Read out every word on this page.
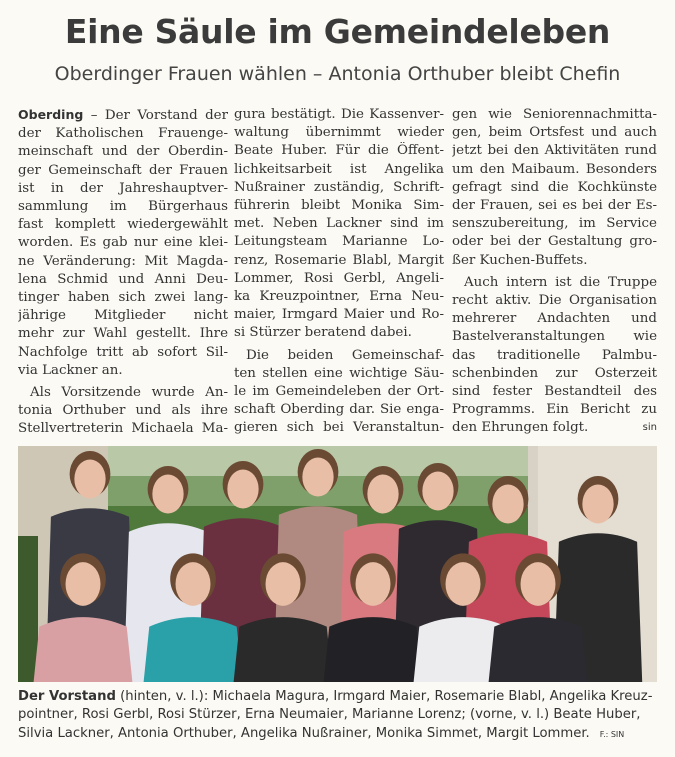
Eine Säule im Gemeindeleben
Oberdinger Frauen wählen – Antonia Orthuber bleibt Chefin
Oberding – Der Vorstand der
der Katholischen Frauenge-
meinschaft und der Oberdin-
ger Gemeinschaft der Frauen
ist in der Jahreshauptver-
sammlung im Bürgerhaus
fast komplett wiedergewählt
worden. Es gab nur eine klei-
ne Veränderung: Mit Magda-
lena Schmid und Anni Deu-
tinger haben sich zwei lang-
jährige Mitglieder nicht
mehr zur Wahl gestellt. Ihre
Nachfolge tritt ab sofort Sil-
via Lackner an.
Als Vorsitzende wurde An-
tonia Orthuber und als ihre
Stellvertreterin Michaela Ma-
gura bestätigt. Die Kassenver-
waltung übernimmt wieder
Beate Huber. Für die Öffent-
lichkeitsarbeit ist Angelika
Nußrainer zuständig, Schrift-
führerin bleibt Monika Sim-
met. Neben Lackner sind im
Leitungsteam Marianne Lo-
renz, Rosemarie Blabl, Margit
Lommer, Rosi Gerbl, Angeli-
ka Kreuzpointner, Erna Neu-
maier, Irmgard Maier und Ro-
si Stürzer beratend dabei.
Die beiden Gemeinschaf-
ten stellen eine wichtige Säu-
le im Gemeindeleben der Ort-
schaft Oberding dar. Sie enga-
gieren sich bei Veranstaltun-
gen wie Seniorennachmitta-
gen, beim Ortsfest und auch
jetzt bei den Aktivitäten rund
um den Maibaum. Besonders
gefragt sind die Kochkünste
der Frauen, sei es bei der Es-
senszubereitung, im Service
oder bei der Gestaltung gro-
ßer Kuchen-Buffets.
Auch intern ist die Truppe
recht aktiv. Die Organisation
mehrerer Andachten und
Bastelveranstaltungen wie
das traditionelle Palmbu-
schenbinden zur Osterzeit
sind fester Bestandteil des
Programms. Ein Bericht zu
den Ehrungen folgt.	sin
Der Vorstand (hinten, v. l.): Michaela Magura, Irmgard Maier, Rosemarie Blabl, Angelika Kreuzpointner, Rosi Gerbl, Rosi Stürzer, Erna Neumaier, Marianne Lorenz; (vorne, v. l.) Beate Huber, Silvia Lackner, Antonia Orthuber, Angelika Nußrainer, Monika Simmet, Margit Lommer. F.: SIN
